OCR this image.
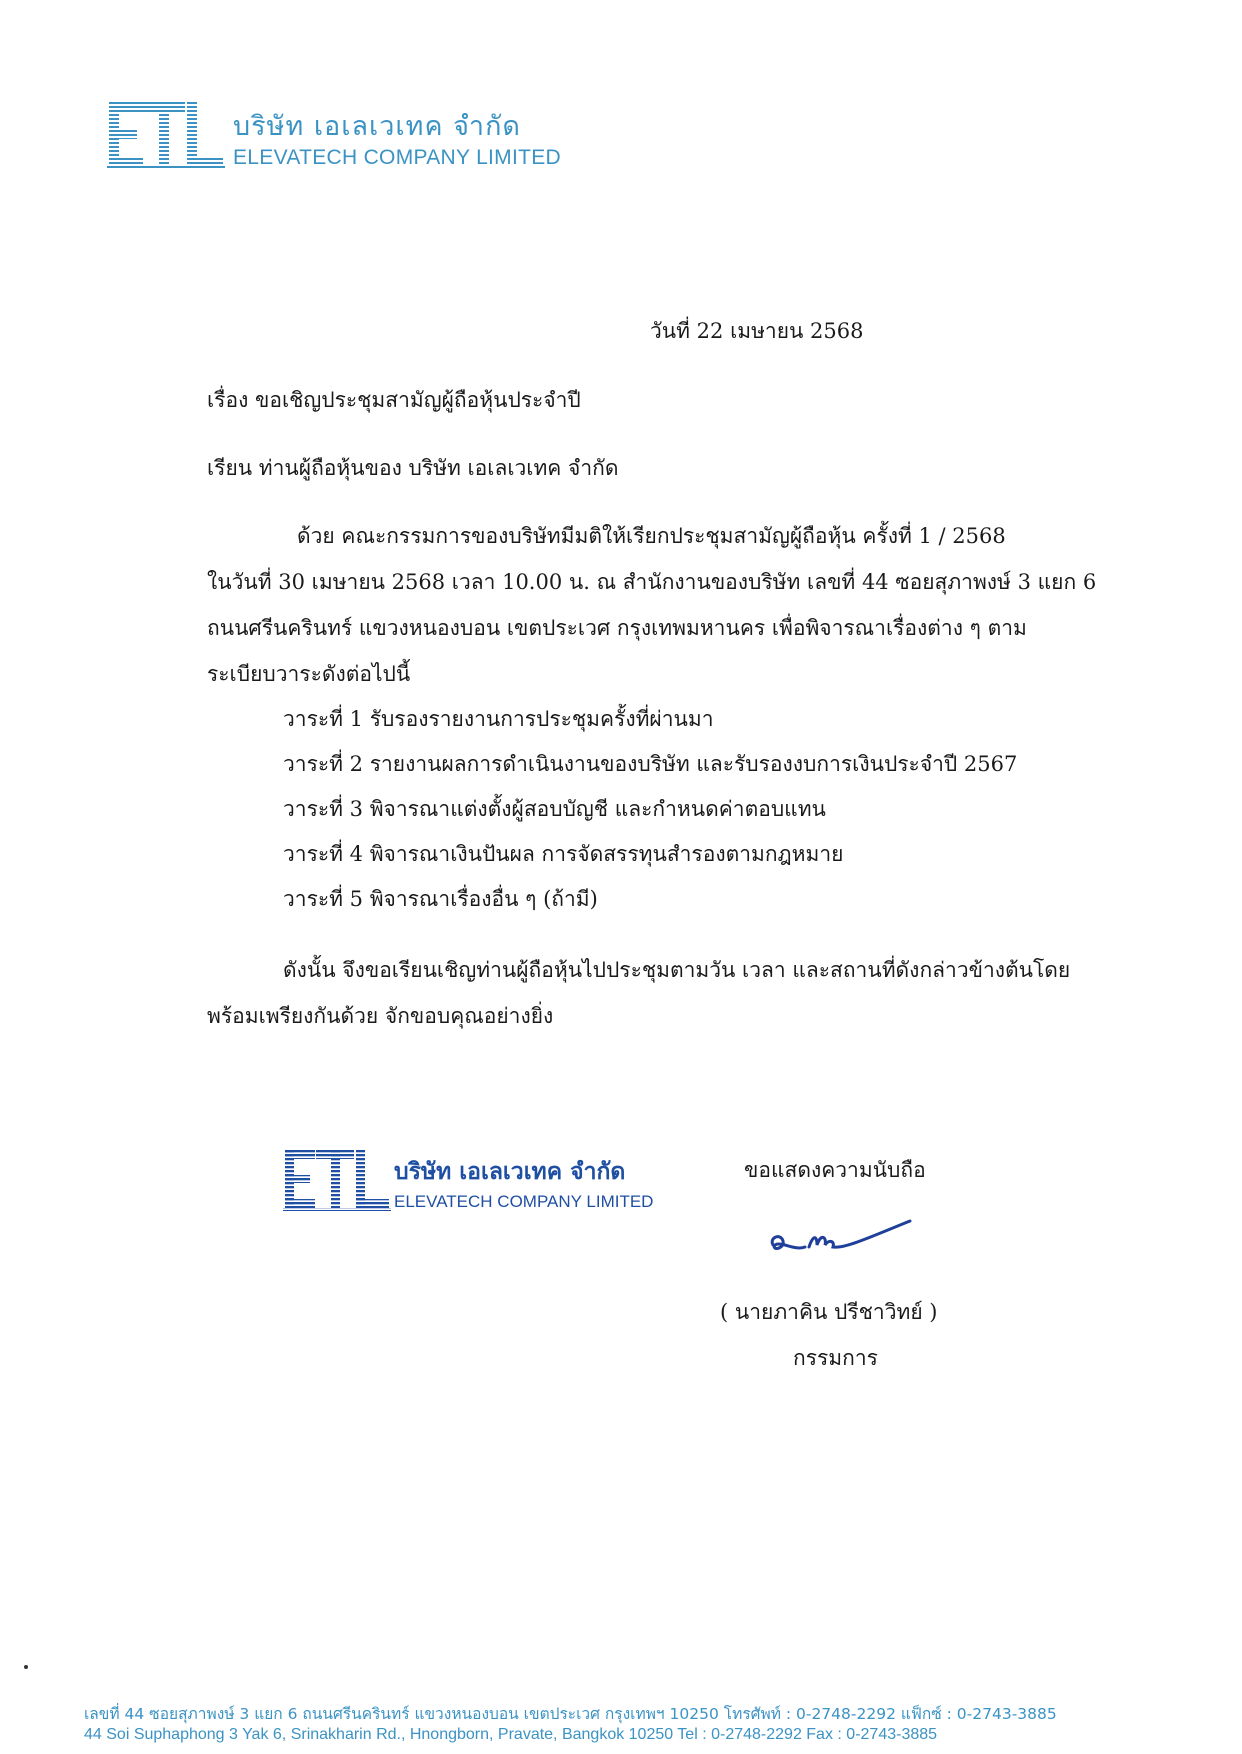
บริษัท เอเลเวเทค จำกัด
ELEVATECH COMPANY LIMITED
วันที่ 22 เมษายน 2568
เรื่อง ขอเชิญประชุมสามัญผู้ถือหุ้นประจำปี
เรียน ท่านผู้ถือหุ้นของ บริษัท เอเลเวเทค จำกัด
ด้วย คณะกรรมการของบริษัทมีมติให้เรียกประชุมสามัญผู้ถือหุ้น ครั้งที่ 1 / 2568
ในวันที่ 30 เมษายน 2568 เวลา 10.00 น. ณ สำนักงานของบริษัท เลขที่ 44 ซอยสุภาพงษ์ 3 แยก 6
ถนนศรีนครินทร์ แขวงหนองบอน เขตประเวศ กรุงเทพมหานคร เพื่อพิจารณาเรื่องต่าง ๆ ตาม
ระเบียบวาระดังต่อไปนี้
วาระที่ 1 รับรองรายงานการประชุมครั้งที่ผ่านมา
วาระที่ 2 รายงานผลการดำเนินงานของบริษัท และรับรองงบการเงินประจำปี 2567
วาระที่ 3 พิจารณาแต่งตั้งผู้สอบบัญชี และกำหนดค่าตอบแทน
วาระที่ 4 พิจารณาเงินปันผล การจัดสรรทุนสำรองตามกฎหมาย
วาระที่ 5 พิจารณาเรื่องอื่น ๆ (ถ้ามี)
ดังนั้น จึงขอเรียนเชิญท่านผู้ถือหุ้นไปประชุมตามวัน เวลา และสถานที่ดังกล่าวข้างต้นโดย
พร้อมเพรียงกันด้วย จักขอบคุณอย่างยิ่ง
บริษัท เอเลเวเทค จำกัด
ELEVATECH COMPANY LIMITED
ขอแสดงความนับถือ
( นายภาคิน ปรีชาวิทย์ )
กรรมการ
เลขที่ 44 ซอยสุภาพงษ์ 3 แยก 6 ถนนศรีนครินทร์ แขวงหนองบอน เขตประเวศ กรุงเทพฯ 10250 โทรศัพท์ : 0-2748-2292 แฟ็กซ์ : 0-2743-3885
44 Soi Suphaphong 3 Yak 6, Srinakharin Rd., Hnongborn, Pravate, Bangkok 10250 Tel : 0-2748-2292 Fax : 0-2743-3885
